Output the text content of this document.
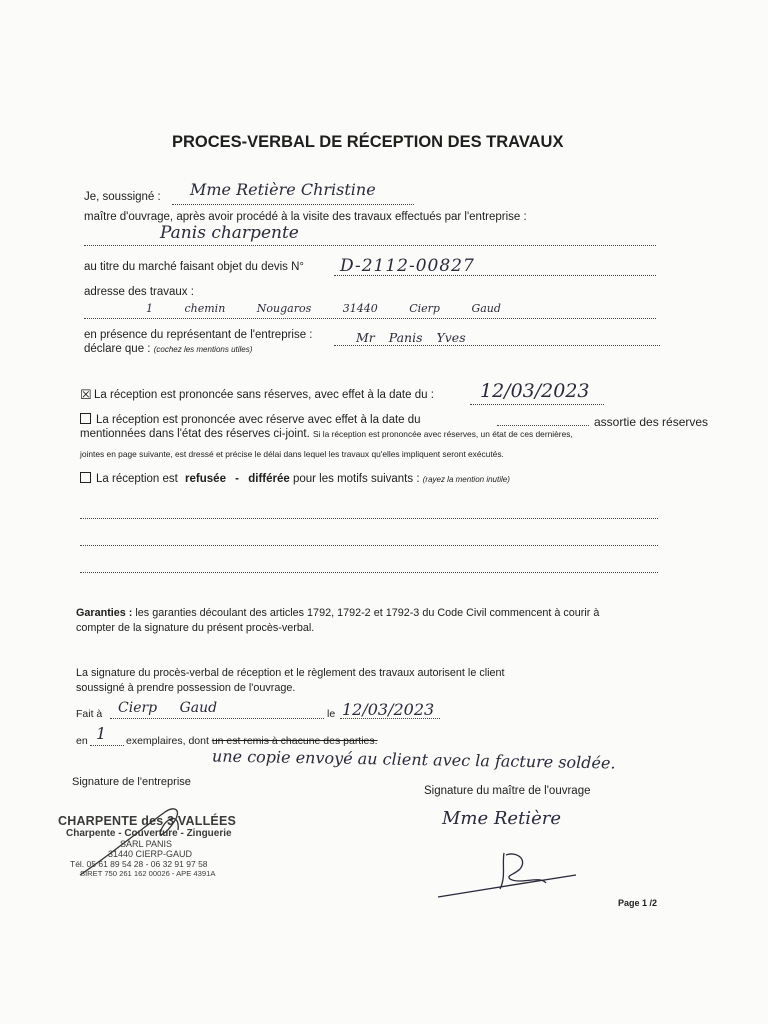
PROCES-VERBAL DE RÉCEPTION DES TRAVAUX
Je, soussigné : Mme Retière Christine
maître d'ouvrage, après avoir procédé à la visite des travaux effectués par l'entreprise :
Panis charpente
au titre du marché faisant objet du devis N° D-2112-00827
adresse des travaux :
1 chemin Nougaros 31440 Cierp Gaud
en présence du représentant de l'entreprise :	Mr Panis Yves
déclare que : (cochez les mentions utiles)
☒ La réception est prononcée sans réserves, avec effet à la date du : 12/03/2023
La réception est prononcée avec réserve avec effet à la date du	assortie des réserves
mentionnées dans l'état des réserves ci-joint. Si la réception est prononcée avec réserves, un état de ces dernières,
jointes en page suivante, est dressé et précise le délai dans lequel les travaux qu'elles impliquent seront exécutés.
La réception est refusée - différée pour les motifs suivants : (rayez la mention inutile)
Garanties : les garanties découlant des articles 1792, 1792-2 et 1792-3 du Code Civil commencent à courir à
compter de la signature du présent procès-verbal.
La signature du procès-verbal de réception et le règlement des travaux autorisent le client
soussigné à prendre possession de l'ouvrage.
Fait à Cierp Gaud	le 12/03/2023
en 1 exemplaires, dont un est remis à chacune des parties.
une copie envoyé au client avec la facture soldée.
Signature de l'entreprise
Signature du maître de l'ouvrage
Mme Retière
CHARPENTE des 3 VALLÉES
Charpente - Couverture - Zinguerie
SARL PANIS
31440 CIERP-GAUD
Tél. 05 61 89 54 28 - 06 32 91 97 58
SIRET 750 261 162 00026 - APE 4391A
Page 1 /2
